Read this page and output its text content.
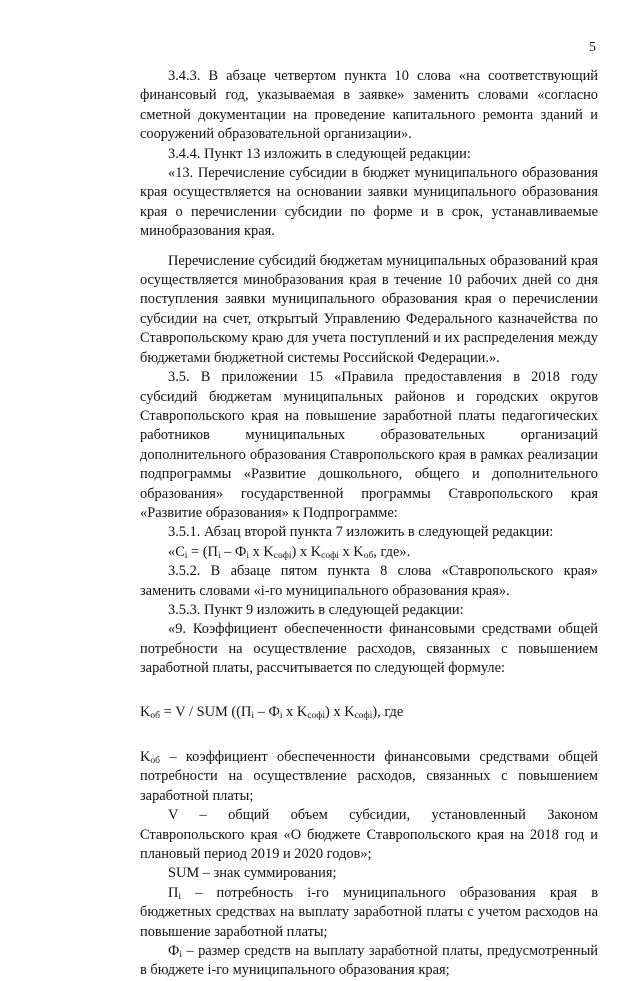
5

3.4.3. В абзаце четвертом пункта 10 слова «на соответствующий финансовый год, указываемая в заявке» заменить словами «согласно сметной документации на проведение капитального ремонта зданий и сооружений образовательной организации».

3.4.4. Пункт 13 изложить в следующей редакции:

«13. Перечисление субсидии в бюджет муниципального образования края осуществляется на основании заявки муниципального образования края о перечислении субсидии по форме и в срок, устанавливаемые минобразования края.

Перечисление субсидий бюджетам муниципальных образований края осуществляется минобразования края в течение 10 рабочих дней со дня поступления заявки муниципального образования края о перечислении субсидии на счет, открытый Управлению Федерального казначейства по Ставропольскому краю для учета поступлений и их распределения между бюджетами бюджетной системы Российской Федерации.».

3.5. В приложении 15 «Правила предоставления в 2018 году субсидий бюджетам муниципальных районов и городских округов Ставропольского края на повышение заработной платы педагогических работников муниципальных образовательных организаций дополнительного образования Ставропольского края в рамках реализации подпрограммы «Развитие дошкольного, общего и дополнительного образования» государственной программы Ставропольского края «Развитие образования» к Подпрограмме:

3.5.1. Абзац второй пункта 7 изложить в следующей редакции:

«$C_i = (П_i - Ф_i$ x $K_{софi}$) x $K_{софi}$ x $K_{об}$, где».

3.5.2. В абзаце пятом пункта 8 слова «Ставропольского края» заменить словами «i-го муниципального образования края».

3.5.3. Пункт 9 изложить в следующей редакции:

«9. Коэффициент обеспеченности финансовыми средствами общей потребности на осуществление расходов, связанных с повышением заработной платы, рассчитывается по следующей формуле:

$K_{об} = V$ / SUM (($П_i - Ф_i$ x $K_{софi}$) x $K_{софi}$), где

$K_{об}$ – коэффициент обеспеченности финансовыми средствами общей потребности на осуществление расходов, связанных с повышением заработной платы;

V – общий объем субсидии, установленный Законом Ставропольского края «О бюджете Ставропольского края на 2018 год и плановый период 2019 и 2020 годов»;

SUM – знак суммирования;

$П_i$ – потребность i-го муниципального образования края в бюджетных средствах на выплату заработной платы с учетом расходов на повышение заработной платы;

$Ф_i$ – размер средств на выплату заработной платы, предусмотренный в бюджете i-го муниципального образования края;
